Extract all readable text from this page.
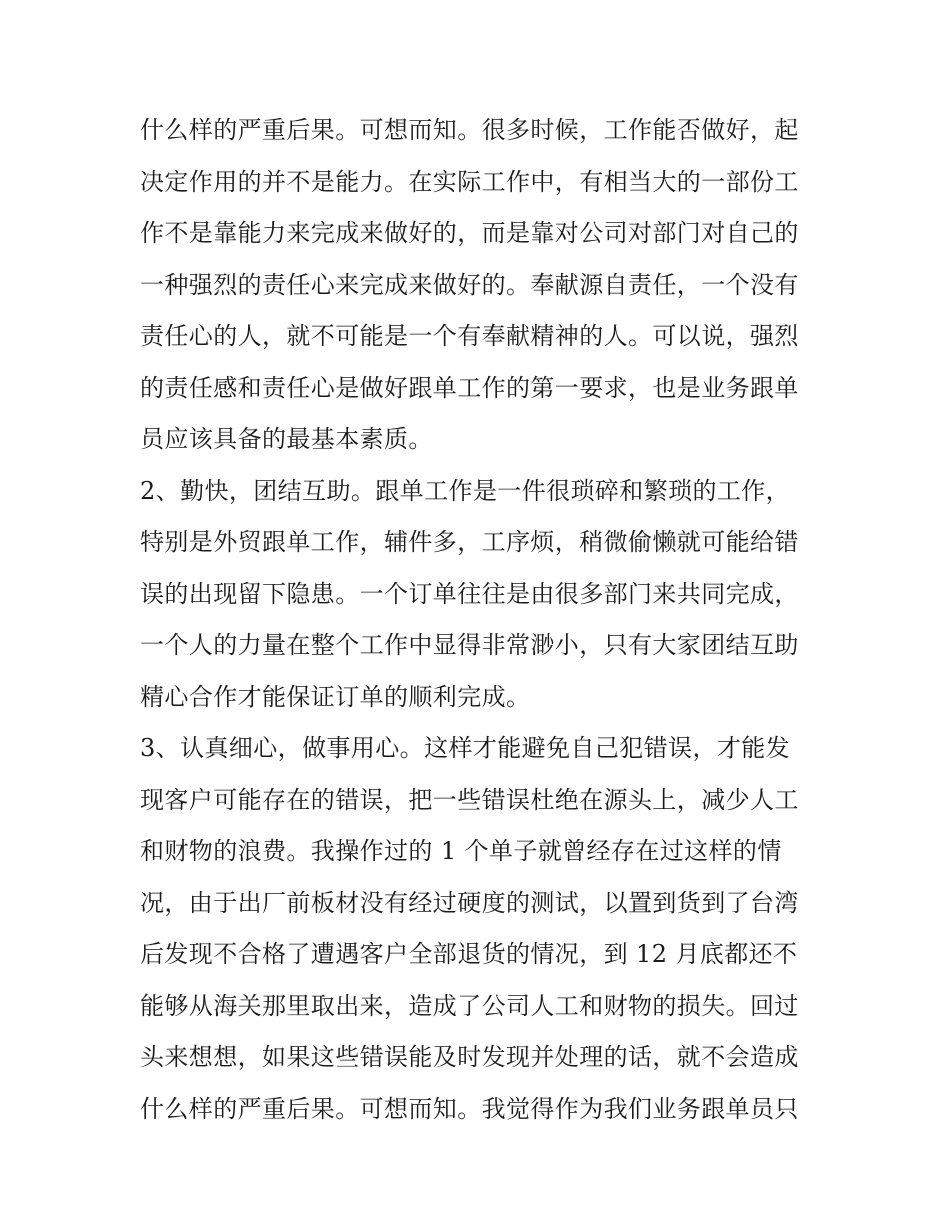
什么样的严重后果。可想而知。很多时候，工作能否做好，起
决定作用的并不是能力。在实际工作中，有相当大的一部份工
作不是靠能力来完成来做好的，而是靠对公司对部门对自己的
一种强烈的责任心来完成来做好的。奉献源自责任，一个没有
责任心的人，就不可能是一个有奉献精神的人。可以说，强烈
的责任感和责任心是做好跟单工作的第一要求，也是业务跟单
员应该具备的最基本素质。
2、勤快，团结互助。跟单工作是一件很琐碎和繁琐的工作，
特别是外贸跟单工作，辅件多，工序烦，稍微偷懒就可能给错
误的出现留下隐患。一个订单往往是由很多部门来共同完成，
一个人的力量在整个工作中显得非常渺小，只有大家团结互助
精心合作才能保证订单的顺利完成。
3、认真细心，做事用心。这样才能避免自己犯错误，才能发
现客户可能存在的错误，把一些错误杜绝在源头上，减少人工
和财物的浪费。我操作过的 1 个单子就曾经存在过这样的情
况，由于出厂前板材没有经过硬度的测试，以置到货到了台湾
后发现不合格了遭遇客户全部退货的情况，到 12 月底都还不
能够从海关那里取出来，造成了公司人工和财物的损失。回过
头来想想，如果这些错误能及时发现并处理的话，就不会造成
什么样的严重后果。可想而知。我觉得作为我们业务跟单员只
